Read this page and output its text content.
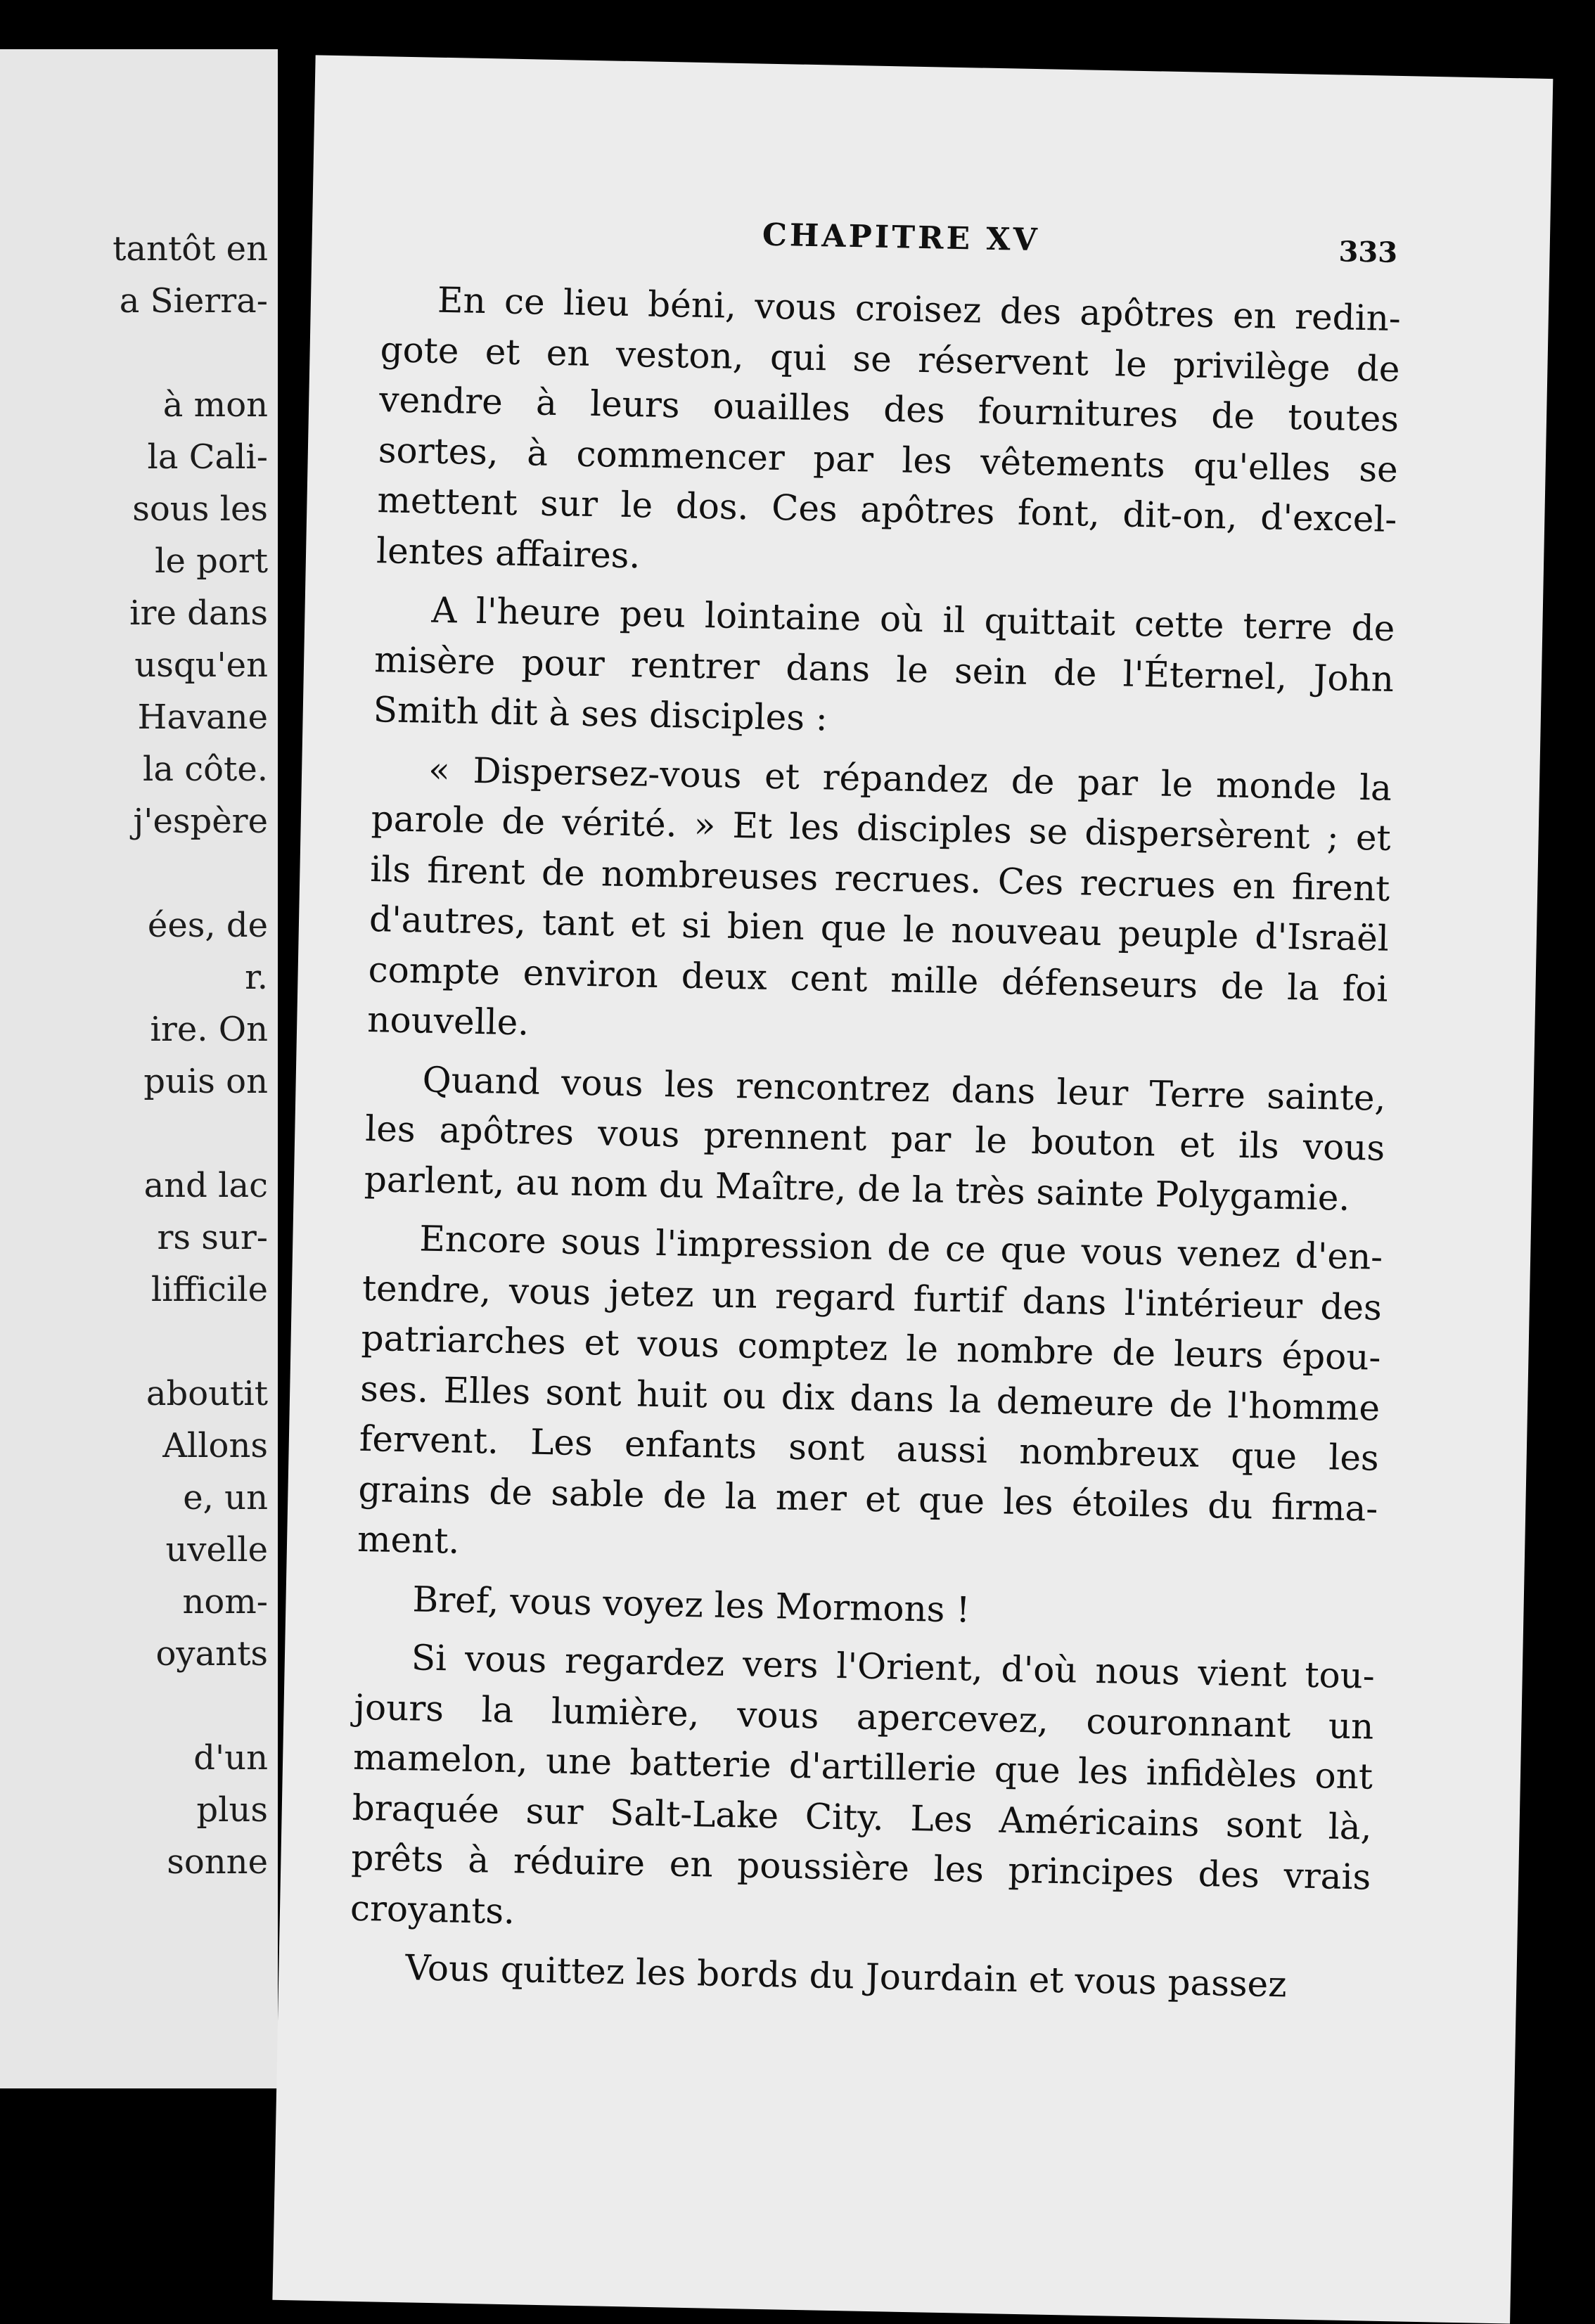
tantôt en
a Sierra-
à mon
la Cali-
sous les
le port
ire dans
usqu'en
Havane
la côte.
j'espère
ées, de
r.
ire. On
puis on
and lac
rs sur-
lifficile
aboutit
Allons
e, un
uvelle
nom-
oyants
d'un
plus
sonne
CHAPITRE XV	333
En ce lieu béni, vous croisez des apôtres en redin-
gote et en veston, qui se réservent le privilège de
vendre à leurs ouailles des fournitures de toutes
sortes, à commencer par les vêtements qu'elles se
mettent sur le dos. Ces apôtres font, dit-on, d'excel-
lentes affaires.
A l'heure peu lointaine où il quittait cette terre de
misère pour rentrer dans le sein de l'Éternel, John
Smith dit à ses disciples :
« Dispersez-vous et répandez de par le monde la
parole de vérité. » Et les disciples se dispersèrent ; et
ils firent de nombreuses recrues. Ces recrues en firent
d'autres, tant et si bien que le nouveau peuple d'Israël
compte environ deux cent mille défenseurs de la foi
nouvelle.
Quand vous les rencontrez dans leur Terre sainte,
les apôtres vous prennent par le bouton et ils vous
parlent, au nom du Maître, de la très sainte Polygamie.
Encore sous l'impression de ce que vous venez d'en-
tendre, vous jetez un regard furtif dans l'intérieur des
patriarches et vous comptez le nombre de leurs épou-
ses. Elles sont huit ou dix dans la demeure de l'homme
fervent. Les enfants sont aussi nombreux que les
grains de sable de la mer et que les étoiles du firma-
ment.
Bref, vous voyez les Mormons !
Si vous regardez vers l'Orient, d'où nous vient tou-
jours la lumière, vous apercevez, couronnant un
mamelon, une batterie d'artillerie que les infidèles ont
braquée sur Salt-Lake City. Les Américains sont là,
prêts à réduire en poussière les principes des vrais
croyants.
Vous quittez les bords du Jourdain et vous passez
